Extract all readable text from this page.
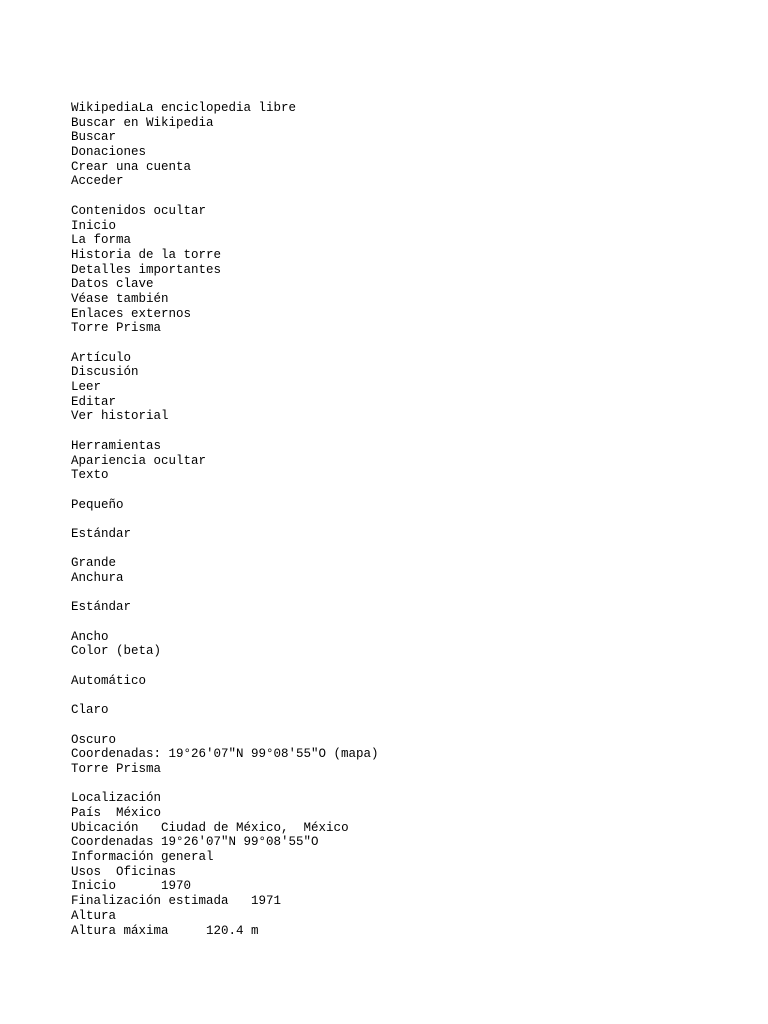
WikipediaLa enciclopedia libre
Buscar en Wikipedia
Buscar
Donaciones
Crear una cuenta
Acceder
Contenidos ocultar
Inicio
La forma
Historia de la torre
Detalles importantes
Datos clave
Véase también
Enlaces externos
Torre Prisma
Artículo
Discusión
Leer
Editar
Ver historial
Herramientas
Apariencia ocultar
Texto
Pequeño
Estándar
Grande
Anchura
Estándar
Ancho
Color (beta)
Automático
Claro
Oscuro
Coordenadas: 19°26′07″N 99°08′55″O (mapa)
Torre Prisma
Localización
País  México
Ubicación   Ciudad de México,  México
Coordenadas 19°26′07″N 99°08′55″O
Información general
Usos  Oficinas
Inicio      1970
Finalización estimada   1971
Altura
Altura máxima     120.4 m
